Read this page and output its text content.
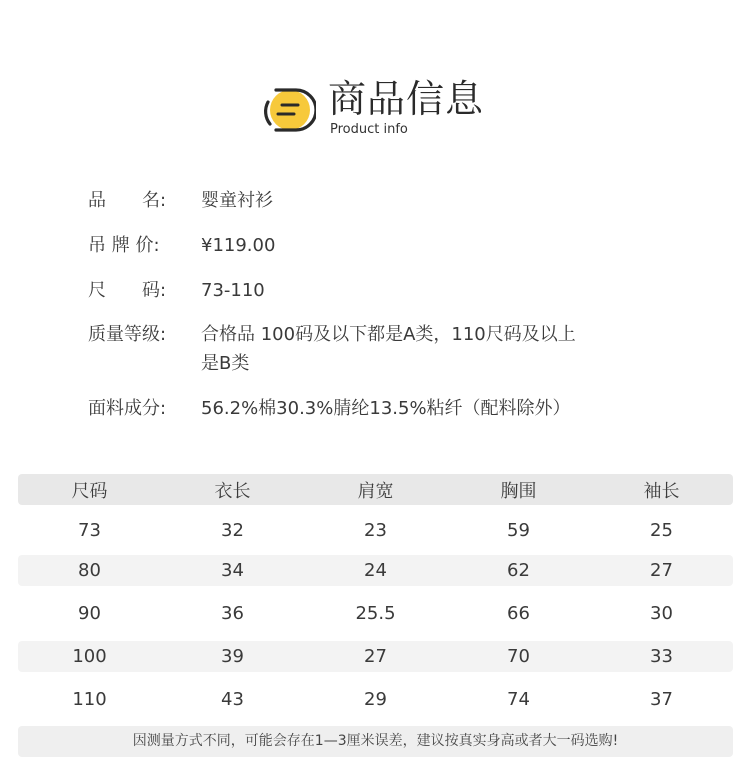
商品信息
Product info
品　　名:	婴童衬衫
吊 牌 价:	¥119.00
尺　　码:	73-110
质量等级:	合格品 100码及以下都是A类，110尺码及以上
是B类
面料成分:	56.2%棉30.3%腈纶13.5%粘纤（配料除外）
尺码	衣长	肩宽	胸围	袖长
73	32	23	59	25
80	34	24	62	27
90	36	25.5	66	30
100	39	27	70	33
110	43	29	74	37
因测量方式不同，可能会存在1—3厘米误差，建议按真实身高或者大一码选购!
